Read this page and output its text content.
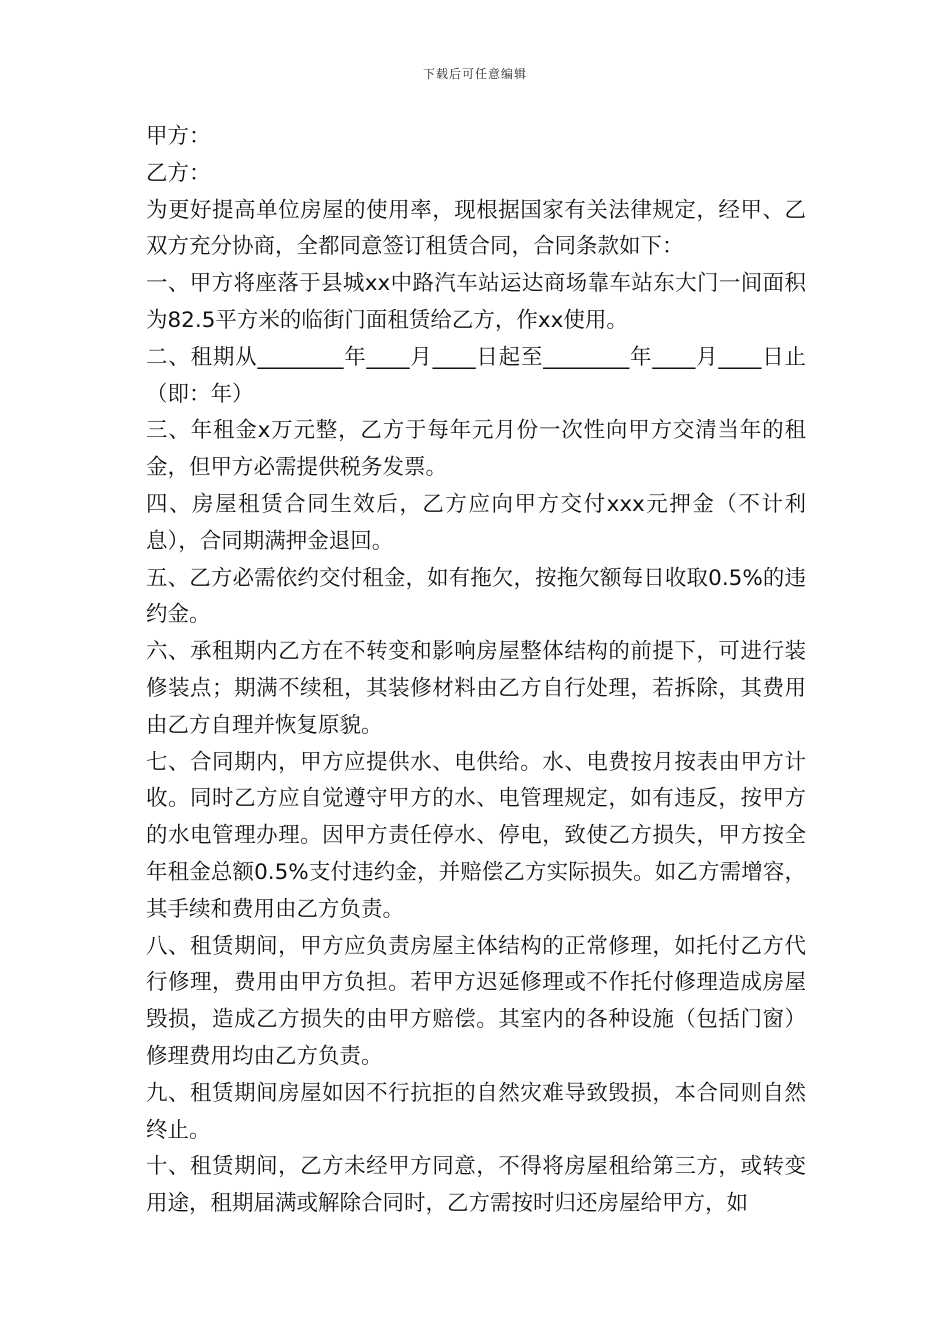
下载后可任意编辑

甲方：

乙方：

为更好提高单位房屋的使用率，现根据国家有关法律规定，经甲、乙双方充分协商，全都同意签订租赁合同，合同条款如下：

一、甲方将座落于县城xx中路汽车站运达商场靠车站东大门一间面积为82.5平方米的临街门面租赁给乙方，作xx使用。

二、租期从________年____月____日起至________年____月____日止（即：年）

三、年租金x万元整，乙方于每年元月份一次性向甲方交清当年的租金，但甲方必需提供税务发票。

四、房屋租赁合同生效后，乙方应向甲方交付xxx元押金（不计利息），合同期满押金退回。

五、乙方必需依约交付租金，如有拖欠，按拖欠额每日收取0.5%的违约金。

六、承租期内乙方在不转变和影响房屋整体结构的前提下，可进行装修装点；期满不续租，其装修材料由乙方自行处理，若拆除，其费用由乙方自理并恢复原貌。

七、合同期内，甲方应提供水、电供给。水、电费按月按表由甲方计收。同时乙方应自觉遵守甲方的水、电管理规定，如有违反，按甲方的水电管理办理。因甲方责任停水、停电，致使乙方损失，甲方按全年租金总额0.5%支付违约金，并赔偿乙方实际损失。如乙方需增容，其手续和费用由乙方负责。

八、租赁期间，甲方应负责房屋主体结构的正常修理，如托付乙方代行修理，费用由甲方负担。若甲方迟延修理或不作托付修理造成房屋毁损，造成乙方损失的由甲方赔偿。其室内的各种设施（包括门窗）修理费用均由乙方负责。

九、租赁期间房屋如因不行抗拒的自然灾难导致毁损，本合同则自然终止。

十、租赁期间，乙方未经甲方同意，不得将房屋租给第三方，或转变用途，租期届满或解除合同时，乙方需按时归还房屋给甲方，如
